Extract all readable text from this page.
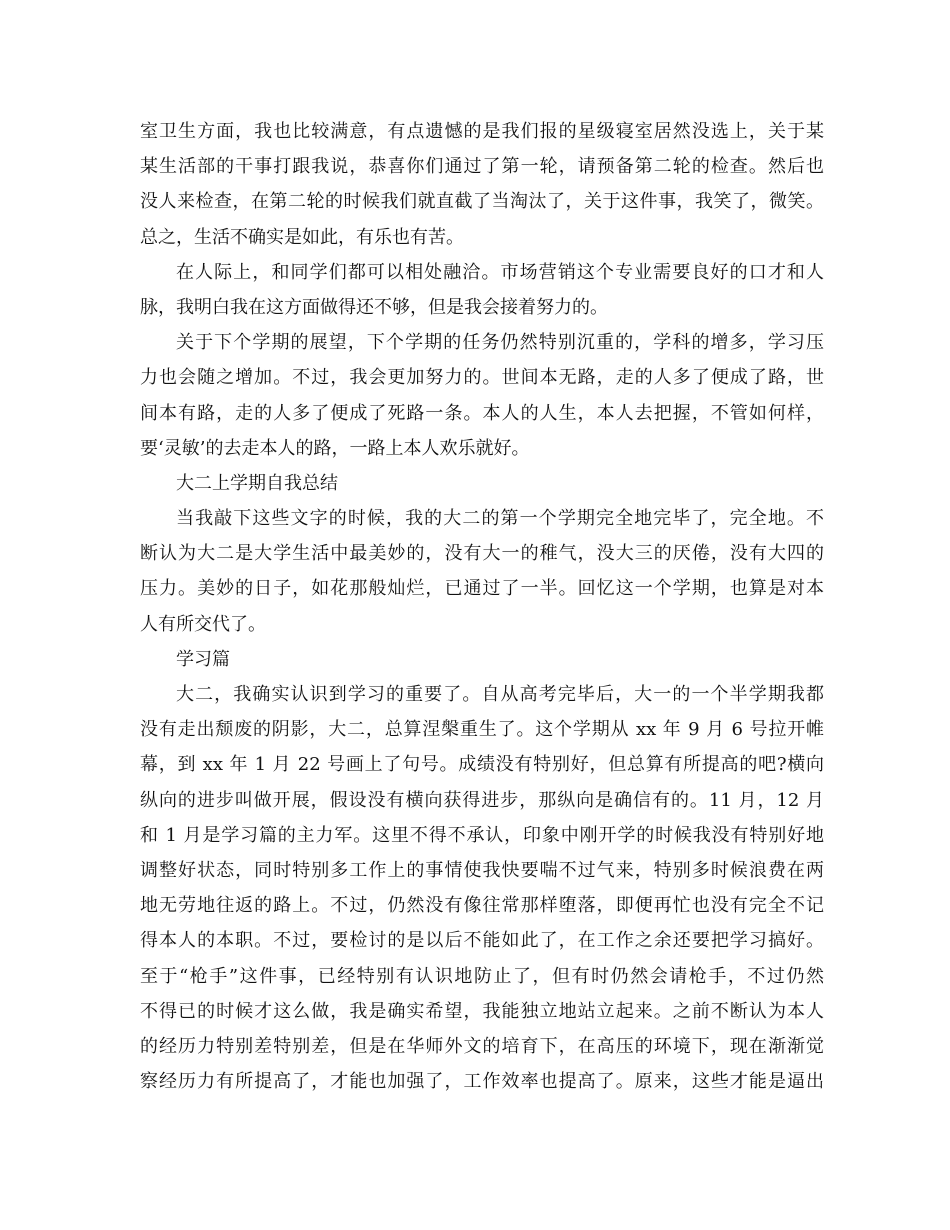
室卫生方面，我也比较满意，有点遗憾的是我们报的星级寝室居然没选上，关于某
某生活部的干事打跟我说，恭喜你们通过了第一轮，请预备第二轮的检查。然后也
没人来检查，在第二轮的时候我们就直截了当淘汰了，关于这件事，我笑了，微笑。
总之，生活不确实是如此，有乐也有苦。
在人际上，和同学们都可以相处融洽。市场营销这个专业需要良好的口才和人
脉，我明白我在这方面做得还不够，但是我会接着努力的。
关于下个学期的展望，下个学期的任务仍然特别沉重的，学科的增多，学习压
力也会随之增加。不过，我会更加努力的。世间本无路，走的人多了便成了路，世
间本有路，走的人多了便成了死路一条。本人的人生，本人去把握，不管如何样，
要‘灵敏’的去走本人的路，一路上本人欢乐就好。
大二上学期自我总结
当我敲下这些文字的时候，我的大二的第一个学期完全地完毕了，完全地。不
断认为大二是大学生活中最美妙的，没有大一的稚气，没大三的厌倦，没有大四的
压力。美妙的日子，如花那般灿烂，已通过了一半。回忆这一个学期，也算是对本
人有所交代了。
学习篇
大二，我确实认识到学习的重要了。自从高考完毕后，大一的一个半学期我都
没有走出颓废的阴影，大二，总算涅槃重生了。这个学期从 xx 年 9 月 6 号拉开帷
幕，到 xx 年 1 月 22 号画上了句号。成绩没有特别好，但总算有所提高的吧?横向
纵向的进步叫做开展，假设没有横向获得进步，那纵向是确信有的。11 月，12 月
和 1 月是学习篇的主力军。这里不得不承认，印象中刚开学的时候我没有特别好地
调整好状态，同时特别多工作上的事情使我快要喘不过气来，特别多时候浪费在两
地无劳地往返的路上。不过，仍然没有像往常那样堕落，即便再忙也没有完全不记
得本人的本职。不过，要检讨的是以后不能如此了，在工作之余还要把学习搞好。
至于“枪手”这件事，已经特别有认识地防止了，但有时仍然会请枪手，不过仍然
不得已的时候才这么做，我是确实希望，我能独立地站立起来。之前不断认为本人
的经历力特别差特别差，但是在华师外文的培育下，在高压的环境下，现在渐渐觉
察经历力有所提高了，才能也加强了，工作效率也提高了。原来，这些才能是逼出
